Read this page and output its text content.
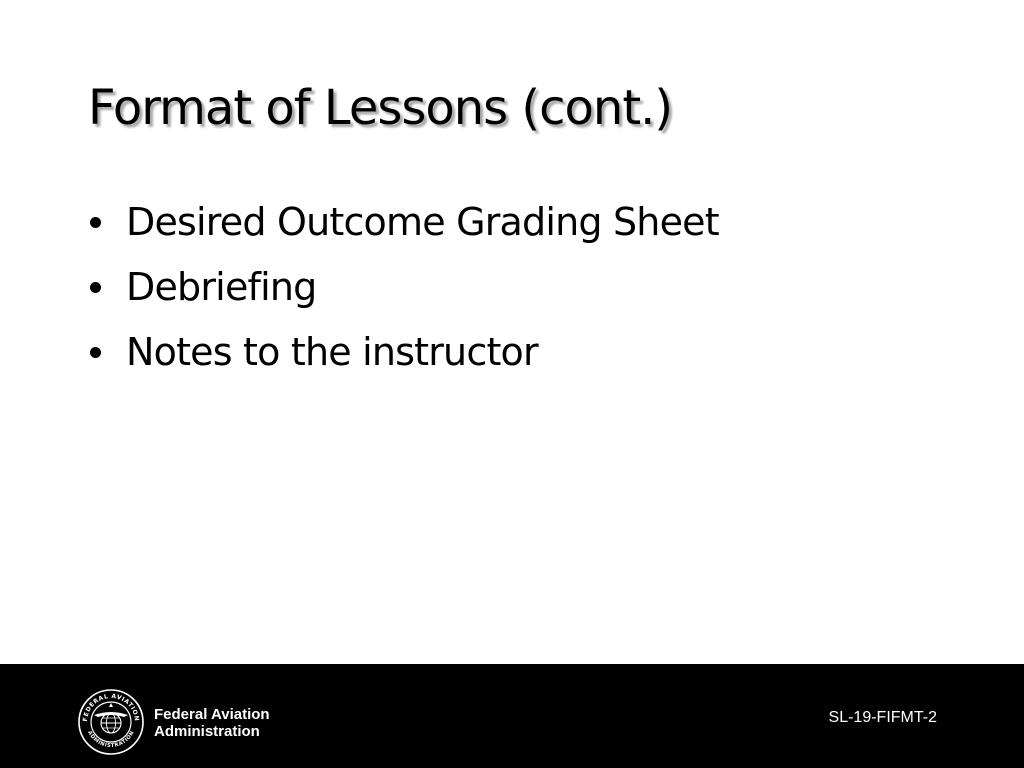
Format of Lessons (cont.)
Desired Outcome Grading Sheet
Debriefing
Notes to the instructor
FEDERAL AVIATION
ADMINISTRATION
Federal Aviation
Administration
SL-19-FIFMT-2
